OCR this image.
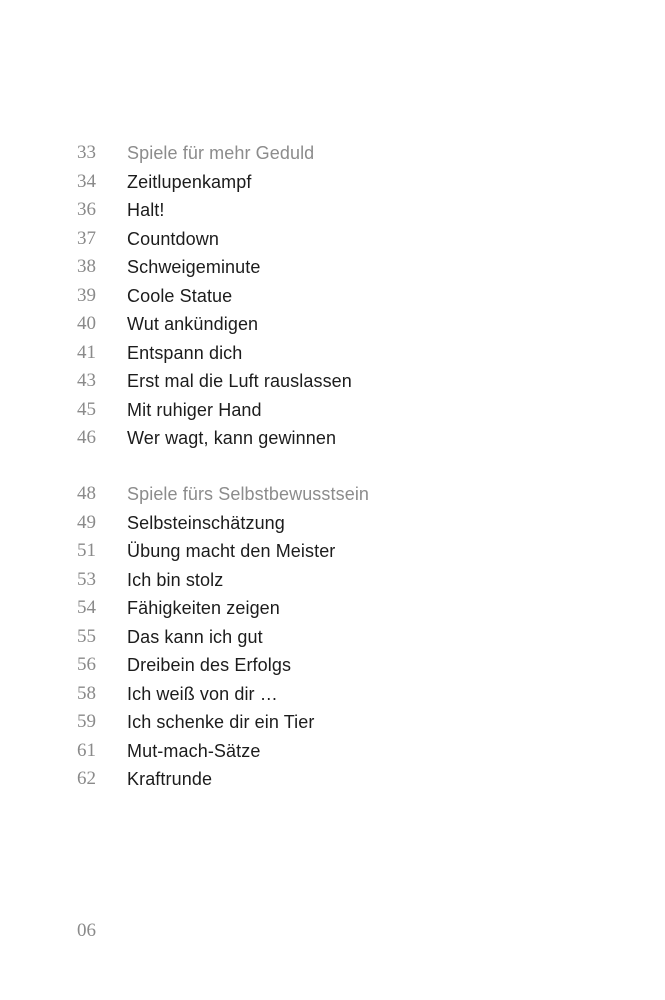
33	Spiele für mehr Geduld
34	Zeitlupenkampf
36	Halt!
37	Countdown
38	Schweigeminute
39	Coole Statue
40	Wut ankündigen
41	Entspann dich
43	Erst mal die Luft rauslassen
45	Mit ruhiger Hand
46	Wer wagt, kann gewinnen
48	Spiele fürs Selbstbewusstsein
49	Selbsteinschätzung
51	Übung macht den Meister
53	Ich bin stolz
54	Fähigkeiten zeigen
55	Das kann ich gut
56	Dreibein des Erfolgs
58	Ich weiß von dir …
59	Ich schenke dir ein Tier
61	Mut-mach-Sätze
62	Kraftrunde
06
